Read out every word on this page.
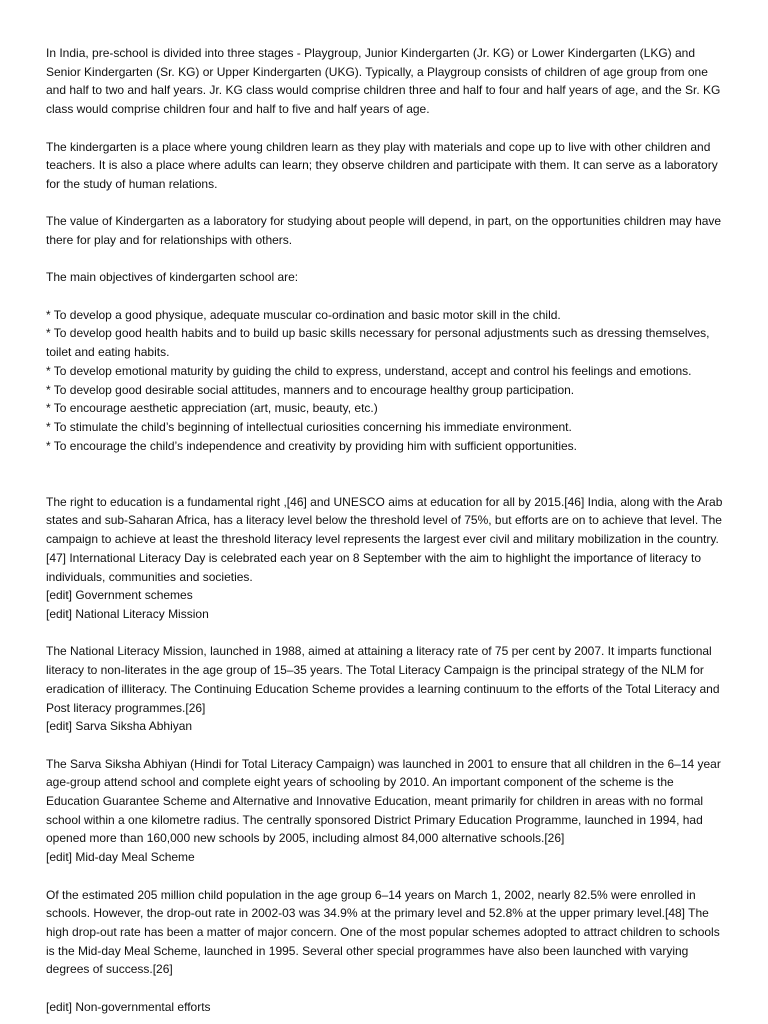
In India, pre-school is divided into three stages - Playgroup, Junior Kindergarten (Jr. KG) or Lower Kindergarten (LKG) and Senior Kindergarten (Sr. KG) or Upper Kindergarten (UKG). Typically, a Playgroup consists of children of age group from one and half to two and half years. Jr. KG class would comprise children three and half to four and half years of age, and the Sr. KG class would comprise children four and half to five and half years of age.

The kindergarten is a place where young children learn as they play with materials and cope up to live with other children and teachers. It is also a place where adults can learn; they observe children and participate with them. It can serve as a laboratory for the study of human relations.

The value of Kindergarten as a laboratory for studying about people will depend, in part, on the opportunities children may have there for play and for relationships with others.

The main objectives of kindergarten school are:

* To develop a good physique, adequate muscular co-ordination and basic motor skill in the child.
* To develop good health habits and to build up basic skills necessary for personal adjustments such as dressing themselves, toilet and eating habits.
* To develop emotional maturity by guiding the child to express, understand, accept and control his feelings and emotions.
* To develop good desirable social attitudes, manners and to encourage healthy group participation.
* To encourage aesthetic appreciation (art, music, beauty, etc.)
* To stimulate the child’s beginning of intellectual curiosities concerning his immediate environment.
* To encourage the child’s independence and creativity by providing him with sufficient opportunities.

The right to education is a fundamental right ,[46] and UNESCO aims at education for all by 2015.[46] India, along with the Arab states and sub-Saharan Africa, has a literacy level below the threshold level of 75%, but efforts are on to achieve that level. The campaign to achieve at least the threshold literacy level represents the largest ever civil and military mobilization in the country.[47] International Literacy Day is celebrated each year on 8 September with the aim to highlight the importance of literacy to individuals, communities and societies.

[edit] Government schemes

[edit] National Literacy Mission

The National Literacy Mission, launched in 1988, aimed at attaining a literacy rate of 75 per cent by 2007. It imparts functional literacy to non-literates in the age group of 15–35 years. The Total Literacy Campaign is the principal strategy of the NLM for eradication of illiteracy. The Continuing Education Scheme provides a learning continuum to the efforts of the Total Literacy and Post literacy programmes.[26]

[edit] Sarva Siksha Abhiyan

The Sarva Siksha Abhiyan (Hindi for Total Literacy Campaign) was launched in 2001 to ensure that all children in the 6–14 year age-group attend school and complete eight years of schooling by 2010. An important component of the scheme is the Education Guarantee Scheme and Alternative and Innovative Education, meant primarily for children in areas with no formal school within a one kilometre radius. The centrally sponsored District Primary Education Programme, launched in 1994, had opened more than 160,000 new schools by 2005, including almost 84,000 alternative schools.[26]

[edit] Mid-day Meal Scheme

Of the estimated 205 million child population in the age group 6–14 years on March 1, 2002, nearly 82.5% were enrolled in schools. However, the drop-out rate in 2002-03 was 34.9% at the primary level and 52.8% at the upper primary level.[48] The high drop-out rate has been a matter of major concern. One of the most popular schemes adopted to attract children to schools is the Mid-day Meal Scheme, launched in 1995. Several other special programmes have also been launched with varying degrees of success.[26]

[edit] Non-governmental efforts
